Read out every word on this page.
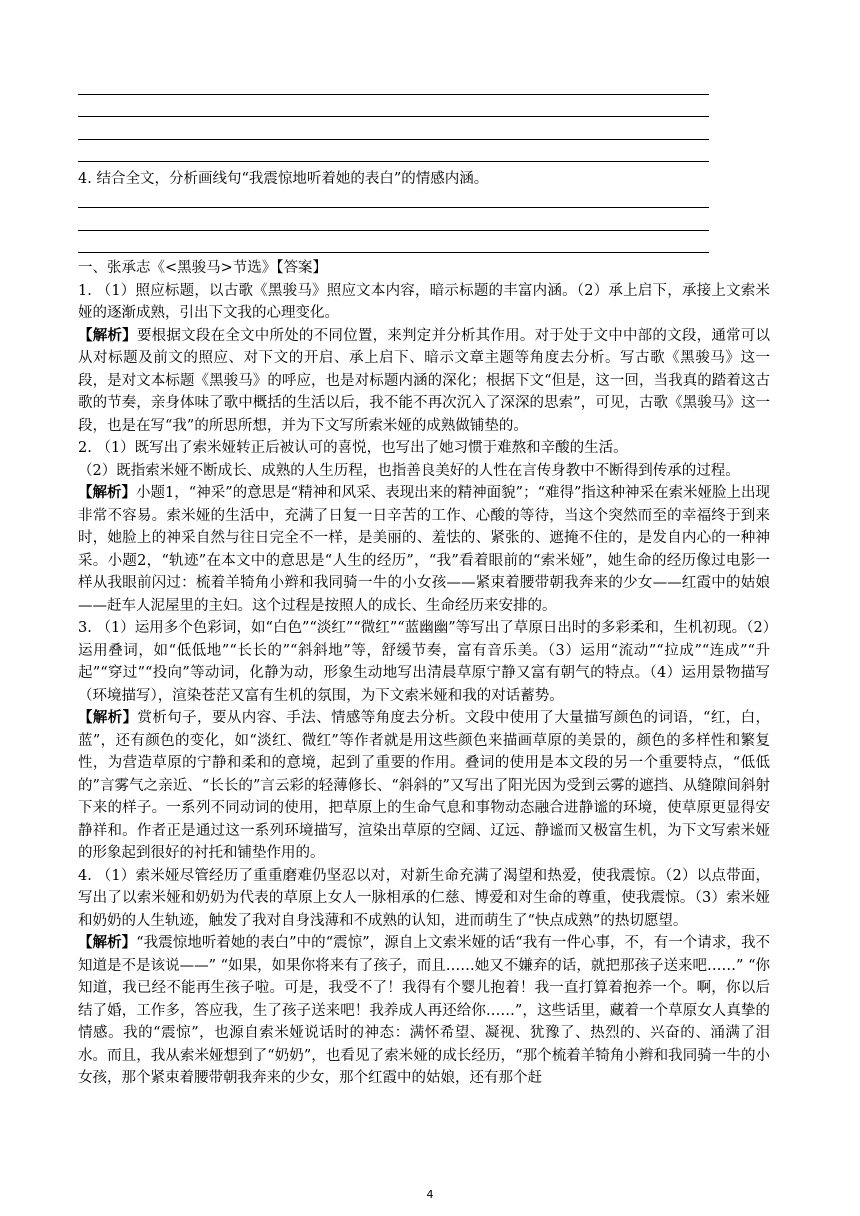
4. 结合全文，分析画线句“我震惊地听着她的表白”的情感内涵。

一、张承志《<黑骏马>节选》【答案】

1. （1）照应标题，以古歌《黑骏马》照应文本内容，暗示标题的丰富内涵。（2）承上启下，承接上文索米娅的逐渐成熟，引出下文我的心理变化。

【解析】要根据文段在全文中所处的不同位置，来判定并分析其作用。对于处于文中中部的文段，通常可以从对标题及前文的照应、对下文的开启、承上启下、暗示文章主题等角度去分析。写古歌《黑骏马》这一段，是对文本标题《黑骏马》的呼应，也是对标题内涵的深化；根据下文“但是，这一回，当我真的踏着这古歌的节奏，亲身体味了歌中概括的生活以后，我不能不再次沉入了深深的思索”，可见，古歌《黑骏马》这一段，也是在写“我”的所思所想，并为下文写所索米娅的成熟做铺垫的。

2. （1）既写出了索米娅转正后被认可的喜悦，也写出了她习惯于难熬和辛酸的生活。

（2）既指索米娅不断成长、成熟的人生历程，也指善良美好的人性在言传身教中不断得到传承的过程。

【解析】小题1，“神采”的意思是“精神和风采、表现出来的精神面貌”；“难得”指这种神采在索米娅脸上出现非常不容易。索米娅的生活中，充满了日复一日辛苦的工作、心酸的等待，当这个突然而至的幸福终于到来时，她脸上的神采自然与往日完全不一样，是美丽的、羞怯的、紧张的、遮掩不住的，是发自内心的一种神采。小题2，“轨迹”在本文中的意思是“人生的经历”，“我”看着眼前的“索米娅”，她生命的经历像过电影一样从我眼前闪过：梳着羊犄角小辫和我同骑一牛的小女孩——紧束着腰带朝我奔来的少女——红霞中的姑娘——赶车人泥屋里的主妇。这个过程是按照人的成长、生命经历来安排的。

3. （1）运用多个色彩词，如“白色”“淡红”“微红”“蓝幽幽”等写出了草原日出时的多彩柔和，生机初现。（2）运用叠词，如“低低地”“长长的”“斜斜地”等，舒缓节奏，富有音乐美。（3）运用“流动”“拉成”“连成”“升起”“穿过”“投向”等动词，化静为动，形象生动地写出清晨草原宁静又富有朝气的特点。（4）运用景物描写（环境描写），渲染苍茫又富有生机的氛围，为下文索米娅和我的对话蓄势。

【解析】赏析句子，要从内容、手法、情感等角度去分析。文段中使用了大量描写颜色的词语，“红，白，蓝”，还有颜色的变化，如“淡红、微红”等作者就是用这些颜色来描画草原的美景的，颜色的多样性和繁复性，为营造草原的宁静和柔和的意境，起到了重要的作用。叠词的使用是本文段的另一个重要特点，“低低的”言雾气之亲近、“长长的”言云彩的轻薄修长、“斜斜的”又写出了阳光因为受到云雾的遮挡、从缝隙间斜射下来的样子。一系列不同动词的使用，把草原上的生命气息和事物动态融合进静谧的环境，使草原更显得安静祥和。作者正是通过这一系列环境描写，渲染出草原的空阔、辽远、静谧而又极富生机，为下文写索米娅的形象起到很好的衬托和铺垫作用的。

4. （1）索米娅尽管经历了重重磨难仍坚忍以对，对新生命充满了渴望和热爱，使我震惊。（2）以点带面，写出了以索米娅和奶奶为代表的草原上女人一脉相承的仁慈、博爱和对生命的尊重，使我震惊。（3）索米娅和奶奶的人生轨迹，触发了我对自身浅薄和不成熟的认知，进而萌生了“快点成熟”的热切愿望。

【解析】“我震惊地听着她的表白”中的“震惊”，源自上文索米娅的话“我有一件心事，不，有一个请求，我不知道是不是该说——” “如果，如果你将来有了孩子，而且……她又不嫌弃的话，就把那孩子送来吧……” “你知道，我已经不能再生孩子啦。可是，我受不了！我得有个婴儿抱着！我一直打算着抱养一个。啊，你以后结了婚，工作多，答应我，生了孩子送来吧！我养成人再还给你……”，这些话里，藏着一个草原女人真挚的情感。我的“震惊”，也源自索米娅说话时的神态：满怀希望、凝视、犹豫了、热烈的、兴奋的、涌满了泪水。而且，我从索米娅想到了“奶奶”，也看见了索米娅的成长经历，“那个梳着羊犄角小辫和我同骑一牛的小女孩，那个紧束着腰带朝我奔来的少女，那个红霞中的姑娘，还有那个赶

4
